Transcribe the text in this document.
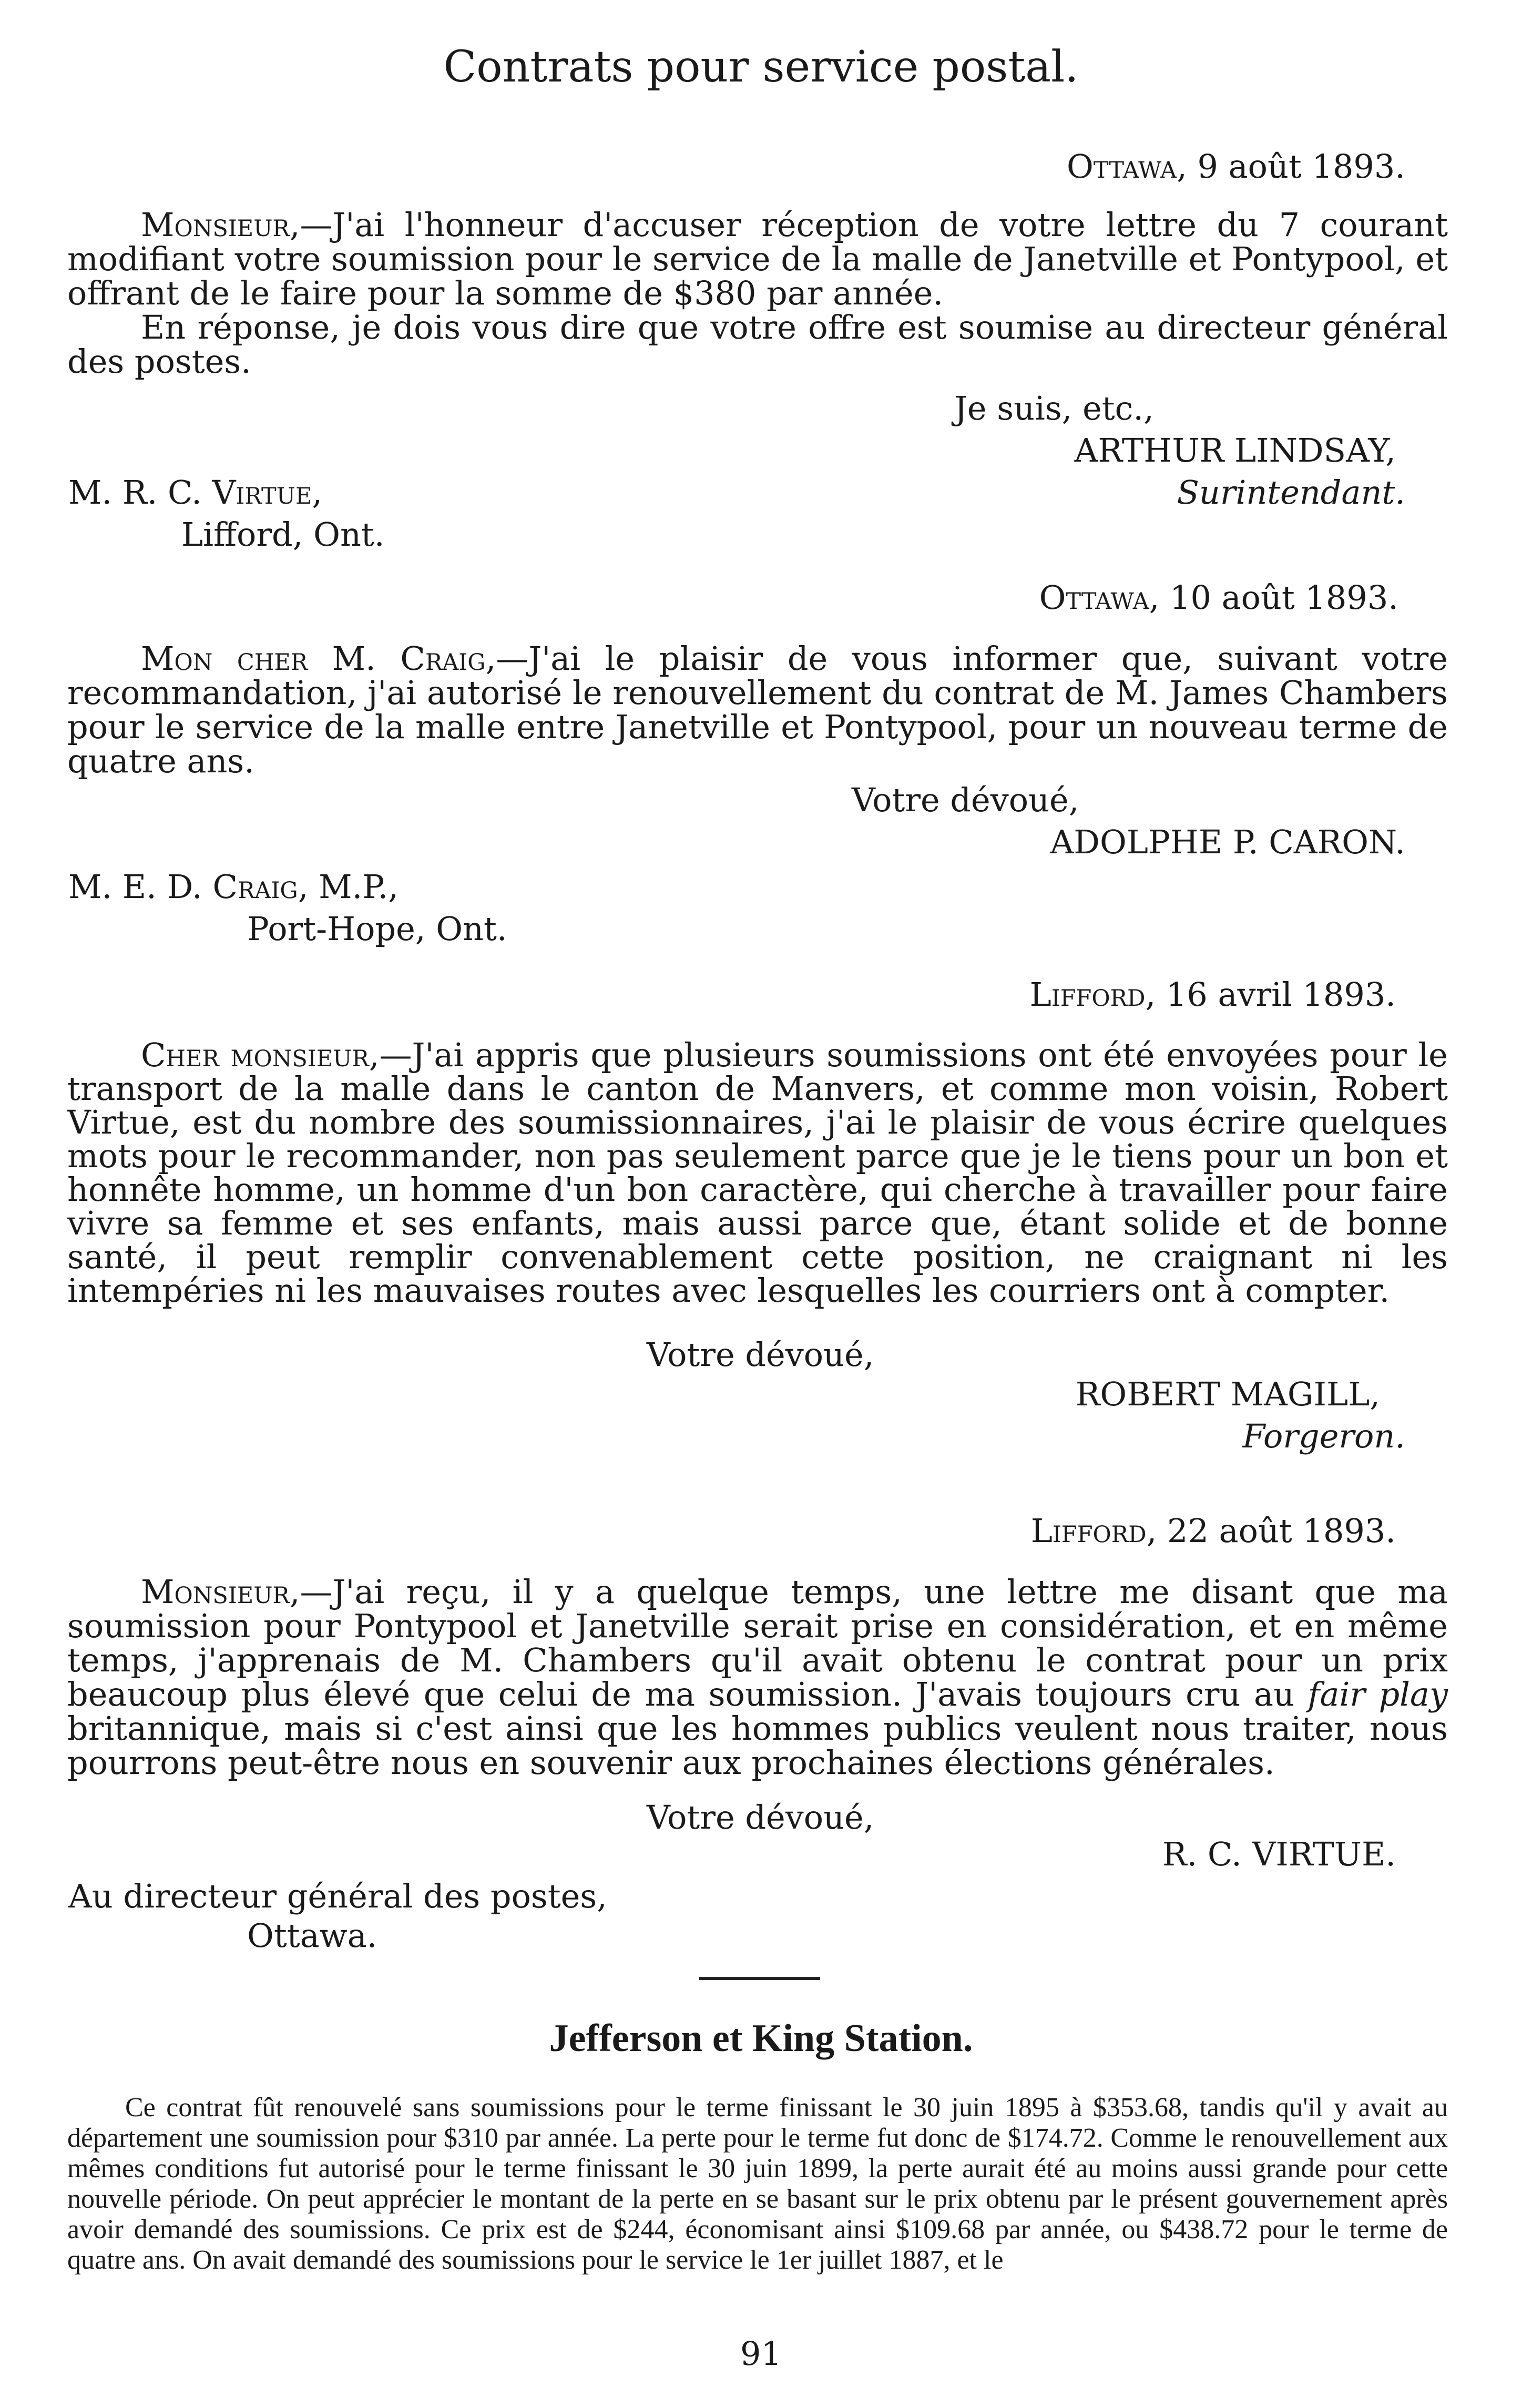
Contrats pour service postal.
Ottawa, 9 août 1893.

Monsieur,—J'ai l'honneur d'accuser réception de votre lettre du 7 courant modifiant votre soumission pour le service de la malle de Janetville et Pontypool, et offrant de le faire pour la somme de $380 par année.

En réponse, je dois vous dire que votre offre est soumise au directeur général des postes.

Je suis, etc.,
ARTHUR LINDSAY,
Surintendant.
M. R. C. Virtue,
Lifford, Ont.
Ottawa, 10 août 1893.

Mon cher M. Craig,—J'ai le plaisir de vous informer que, suivant votre recommandation, j'ai autorisé le renouvellement du contrat de M. James Chambers pour le service de la malle entre Janetville et Pontypool, pour un nouveau terme de quatre ans.

Votre dévoué,
ADOLPHE P. CARON.
M. E. D. Craig, M.P.,
Port-Hope, Ont.
Lifford, 16 avril 1893.

Cher monsieur,—J'ai appris que plusieurs soumissions ont été envoyées pour le transport de la malle dans le canton de Manvers, et comme mon voisin, Robert Virtue, est du nombre des soumissionnaires, j'ai le plaisir de vous écrire quelques mots pour le recommander, non pas seulement parce que je le tiens pour un bon et honnête homme, un homme d'un bon caractère, qui cherche à travailler pour faire vivre sa femme et ses enfants, mais aussi parce que, étant solide et de bonne santé, il peut remplir convenablement cette position, ne craignant ni les intempéries ni les mauvaises routes avec lesquelles les courriers ont à compter.

Votre dévoué,
ROBERT MAGILL,
Forgeron.
Lifford, 22 août 1893.

Monsieur,—J'ai reçu, il y a quelque temps, une lettre me disant que ma soumission pour Pontypool et Janetville serait prise en considération, et en même temps, j'apprenais de M. Chambers qu'il avait obtenu le contrat pour un prix beaucoup plus élevé que celui de ma soumission. J'avais toujours cru au fair play britannique, mais si c'est ainsi que les hommes publics veulent nous traiter, nous pourrons peut-être nous en souvenir aux prochaines élections générales.

Votre dévoué,
R. C. VIRTUE.
Au directeur général des postes,
Ottawa.
Jefferson et King Station.

Ce contrat fût renouvelé sans soumissions pour le terme finissant le 30 juin 1895 à $353.68, tandis qu'il y avait au département une soumission pour $310 par année. La perte pour le terme fut donc de $174.72. Comme le renouvellement aux mêmes conditions fut autorisé pour le terme finissant le 30 juin 1899, la perte aurait été au moins aussi grande pour cette nouvelle période. On peut apprécier le montant de la perte en se basant sur le prix obtenu par le présent gouvernement après avoir demandé des soumissions. Ce prix est de $244, économisant ainsi $109.68 par année, ou $438.72 pour le terme de quatre ans. On avait demandé des soumissions pour le service le 1er juillet 1887, et le

91
